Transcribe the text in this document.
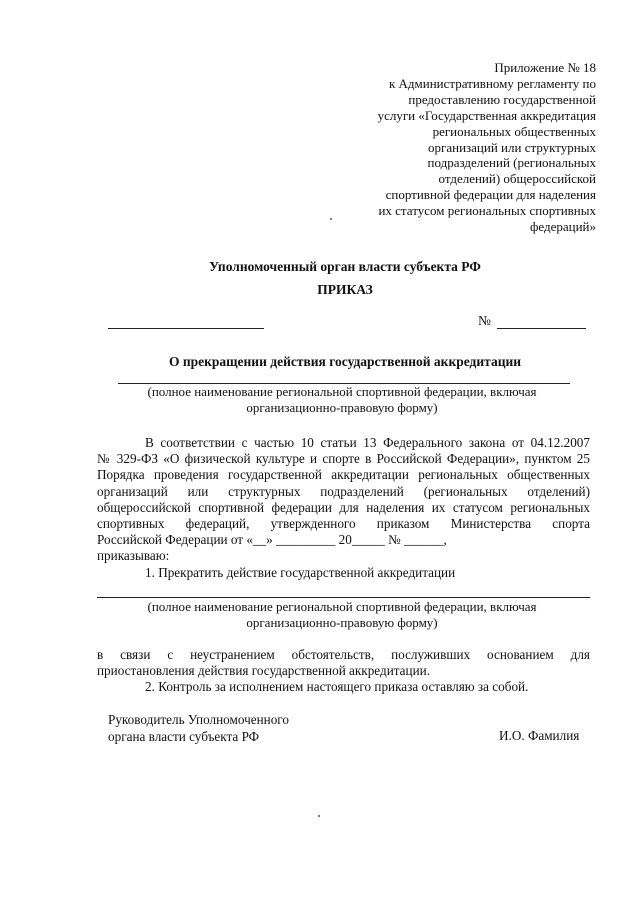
Приложение № 18
к Административному регламенту по
предоставлению государственной
услуги «Государственная аккредитация
региональных общественных
организаций или структурных
подразделений (региональных
отделений) общероссийской
спортивной федерации для наделения
их статусом региональных спортивных
федераций»
Уполномоченный орган власти субъекта РФ
ПРИКАЗ
№
О прекращении действия государственной аккредитации
(полное наименование региональной спортивной федерации, включая
организационно-правовую форму)
В соответствии с частью 10 статьи 13 Федерального закона от 04.12.2007
№ 329-ФЗ «О физической культуре и спорте в Российской Федерации», пунктом 25
Порядка проведения государственной аккредитации региональных общественных
организаций или структурных подразделений (региональных отделений)
общероссийской спортивной федерации для наделения их статусом региональных
спортивных федераций, утвержденного приказом Министерства спорта
Российской Федерации от «__» _________ 20_____ № ______,
приказываю:
1. Прекратить действие государственной аккредитации
(полное наименование региональной спортивной федерации, включая
организационно-правовую форму)
в связи с неустранением обстоятельств, послуживших основанием для
приостановления действия государственной аккредитации.
2. Контроль за исполнением настоящего приказа оставляю за собой.
Руководитель Уполномоченного
органа власти субъекта РФ	И.О. Фамилия
